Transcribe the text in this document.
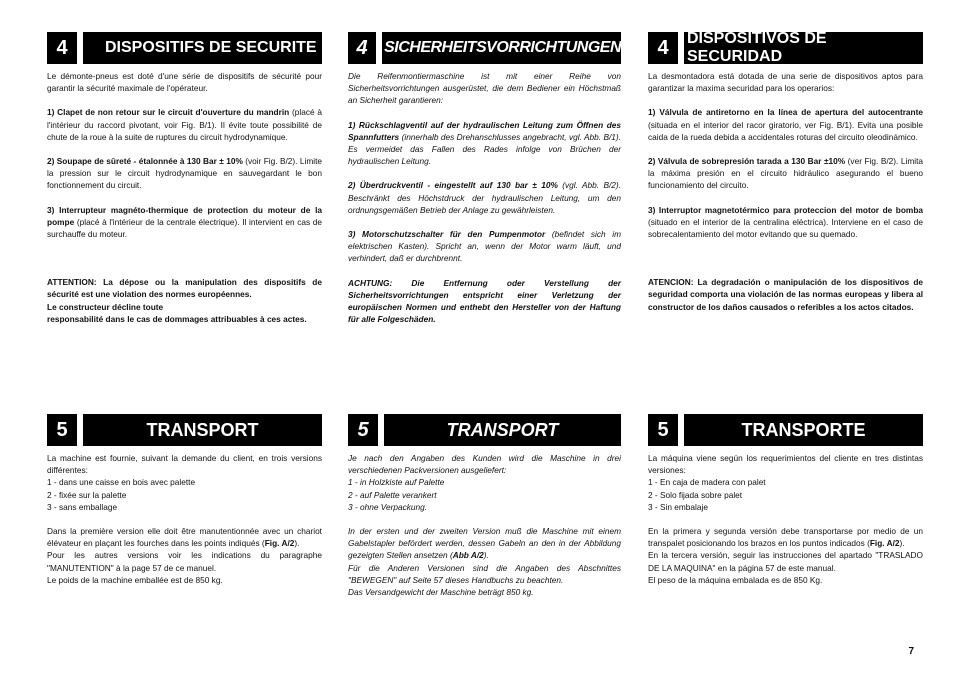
4	DISPOSITIFS DE SECURITE	4	SICHERHEITSVORRICHTUNGEN	4	DISPOSITIVOS DE SECURIDAD

Le démonte-pneus est doté d'une série de dispositifs de sécurité pour garantir la sécurité maximale de l'opérateur.

1) Clapet de non retour sur le circuit d'ouverture du mandrin (placé à l'intérieur du raccord pivotant, voir Fig. B/1). Il évite toute possibilité de chute de la roue à la suite de ruptures du circuit hydrodynamique.

2) Soupape de sûreté - étalonnée à 130 Bar ± 10% (voir Fig. B/2). Limite la pression sur le circuit hydrodynamique en sauvegardant le bon fonctionnement du circuit.

3) Interrupteur magnéto-thermique de protection du moteur de la pompe (placé à l'intérieur de la centrale électrique). Il intervient en cas de surchauffe du moteur.

ATTENTION: La dépose ou la manipulation des dispositifs de sécurité est une violation des normes européennes.
Le constructeur décline toute
responsabilité dans le cas de dommages attribuables à ces actes.

Die Reifenmontiermaschine ist mit einer Reihe von Sicherheitsvorrichtungen ausgerüstet, die dem Bediener ein Höchstmaß an Sicherheit garantieren:

1) Rückschlagventil auf der hydraulischen Leitung zum Öffnen des Spannfutters (innerhalb des Drehanschlusses angebracht, vgl. Abb. B/1). Es vermeidet das Fallen des Rades infolge von Brüchen der hydraulischen Leitung.

2) Überdruckventil - eingestellt auf 130 bar ± 10% (vgl. Abb. B/2). Beschränkt des Höchstdruck der hydraulischen Leitung, um den ordnungsgemäßen Betrieb der Anlage zu gewährleisten.

3) Motorschutzschalter für den Pumpenmotor (befindet sich im elektrischen Kasten). Spricht an, wenn der Motor warm läuft, und verhindert, daß er durchbrennt.

ACHTUNG: Die Entfernung oder Verstellung der Sicherheitsvorrichtungen entspricht einer Verletzung der europäischen Normen und enthebt den Hersteller von der Haftung für alle Folgeschäden.

La desmontadora está dotada de una serie de dispositivos aptos para garantizar la maxima securidad para los operarios:

1) Válvula de antiretorno en la línea de apertura del autocentrante (situada en el interior del racor giratorio, ver Fig. B/1). Evita una posible caida de la rueda debida a accidentales roturas del circuito oleodinámico.

2) Válvula de sobrepresión tarada a 130 Bar ±10% (ver Fig. B/2). Limita la máxima presión en el circuito hidráulico asegurando el bueno funcionamiento del circuito.

3) Interruptor magnetotérmico para proteccion del motor de bomba (situado en el interior de la centralina eléctrica). Interviene en el caso de sobrecalentamiento del motor evitando que su quemado.

ATENCION: La degradación o manipulación de los dispositivos de seguridad comporta una violación de las normas europeas y libera al constructor de los daños causados o referibles a los actos citados.

5	TRANSPORT	5	TRANSPORT	5	TRANSPORTE

La machine est fournie, suivant la demande du client, en trois versions différentes:
1 - dans une caisse en bois avec palette
2 - fixée sur la palette
3 - sans emballage

Dans la première version elle doit être manutentionnée avec un chariot élévateur en plaçant les fourches dans les points indiqués (Fig. A/2).

Pour les autres versions voir les indications du paragraphe "MANUTENTION" à la page 57 de ce manuel.

Le poids de la machine emballée est de 850 kg.

Je nach den Angaben des Kunden wird die Maschine in drei verschiedenen Packversionen ausgeliefert:
1 - in Holzkiste auf Palette
2 - auf Palette verankert
3 - ohne Verpackung.

In der ersten und der zweiten Version muß die Maschine mit einem Gabelstapler befördert werden, dessen Gabeln an den in der Abbildung gezeigten Stellen ansetzen (Abb A/2).

Für die Anderen Versionen sind die Angaben des Abschnittes "BEWEGEN" auf Seite 57 dieses Handbuchs zu beachten.

Das Versandgewicht der Maschine beträgt 850 kg.

La máquina viene según los requerimientos del cliente en tres distintas versiones:
1 - En caja de madera con palet
2 - Solo fijada sobre palet
3 - Sin embalaje

En la primera y segunda versión debe transportarse por medio de un transpalet posicionando los brazos en los puntos indicados (Fig. A/2).

En la tercera versión, seguir las instrucciones del apartado "TRASLADO DE LA MAQUINA" en la página 57 de este manual.

El peso de la máquina embalada es de 850 Kg.

7
